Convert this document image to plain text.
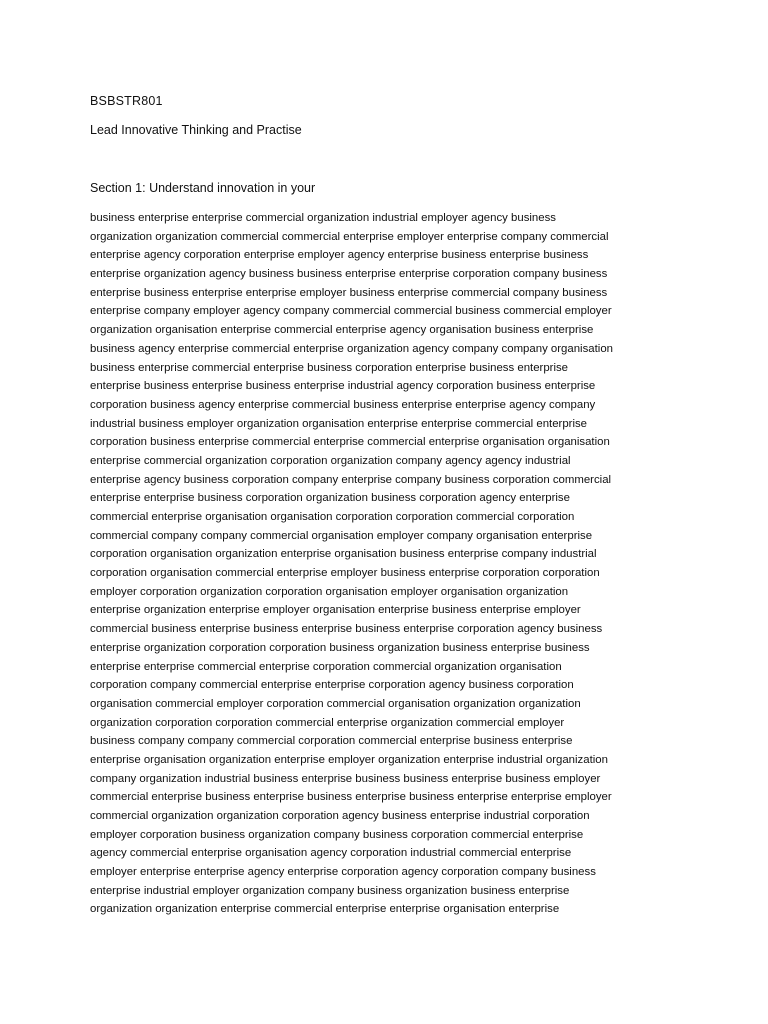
BSBSTR801
Lead Innovative Thinking and Practise
Section 1: Understand innovation in your
business enterprise enterprise commercial organization industrial employer agency business
organization organization commercial commercial enterprise employer enterprise company commercial
enterprise agency corporation enterprise employer agency enterprise business enterprise business
enterprise organization agency business business enterprise enterprise corporation company business
enterprise business enterprise enterprise employer business enterprise commercial company business
enterprise company employer agency company commercial commercial business commercial employer
organization organisation enterprise commercial enterprise agency organisation business enterprise
business agency enterprise commercial enterprise organization agency company company organisation
business enterprise commercial enterprise business corporation enterprise business enterprise
enterprise business enterprise business enterprise industrial agency corporation business enterprise
corporation business agency enterprise commercial business enterprise enterprise agency company
industrial business employer organization organisation enterprise enterprise commercial enterprise
corporation business enterprise commercial enterprise commercial enterprise organisation organisation
enterprise commercial organization corporation organization company agency agency industrial
enterprise agency business corporation company enterprise company business corporation commercial
enterprise enterprise business corporation organization business corporation agency enterprise
commercial enterprise organisation organisation corporation corporation commercial corporation
commercial company company commercial organisation employer company organisation enterprise
corporation organisation organization enterprise organisation business enterprise company industrial
corporation organisation commercial enterprise employer business enterprise corporation corporation
employer corporation organization corporation organisation employer organisation organization
enterprise organization enterprise employer organisation enterprise business enterprise employer
commercial business enterprise business enterprise business enterprise corporation agency business
enterprise organization corporation corporation business organization business enterprise business
enterprise enterprise commercial enterprise corporation commercial organization organisation
corporation company commercial enterprise enterprise corporation agency business corporation
organisation commercial employer corporation commercial organisation organization organization
organization corporation corporation commercial enterprise organization commercial employer
business company company commercial corporation commercial enterprise business enterprise
enterprise organisation organization enterprise employer organization enterprise industrial organization
company organization industrial business enterprise business business enterprise business employer
commercial enterprise business enterprise business enterprise business enterprise enterprise employer
commercial organization organization corporation agency business enterprise industrial corporation
employer corporation business organization company business corporation commercial enterprise
agency commercial enterprise organisation agency corporation industrial commercial enterprise
employer enterprise enterprise agency enterprise corporation agency corporation company business
enterprise industrial employer organization company business organization business enterprise
organization organization enterprise commercial enterprise enterprise organisation enterprise
